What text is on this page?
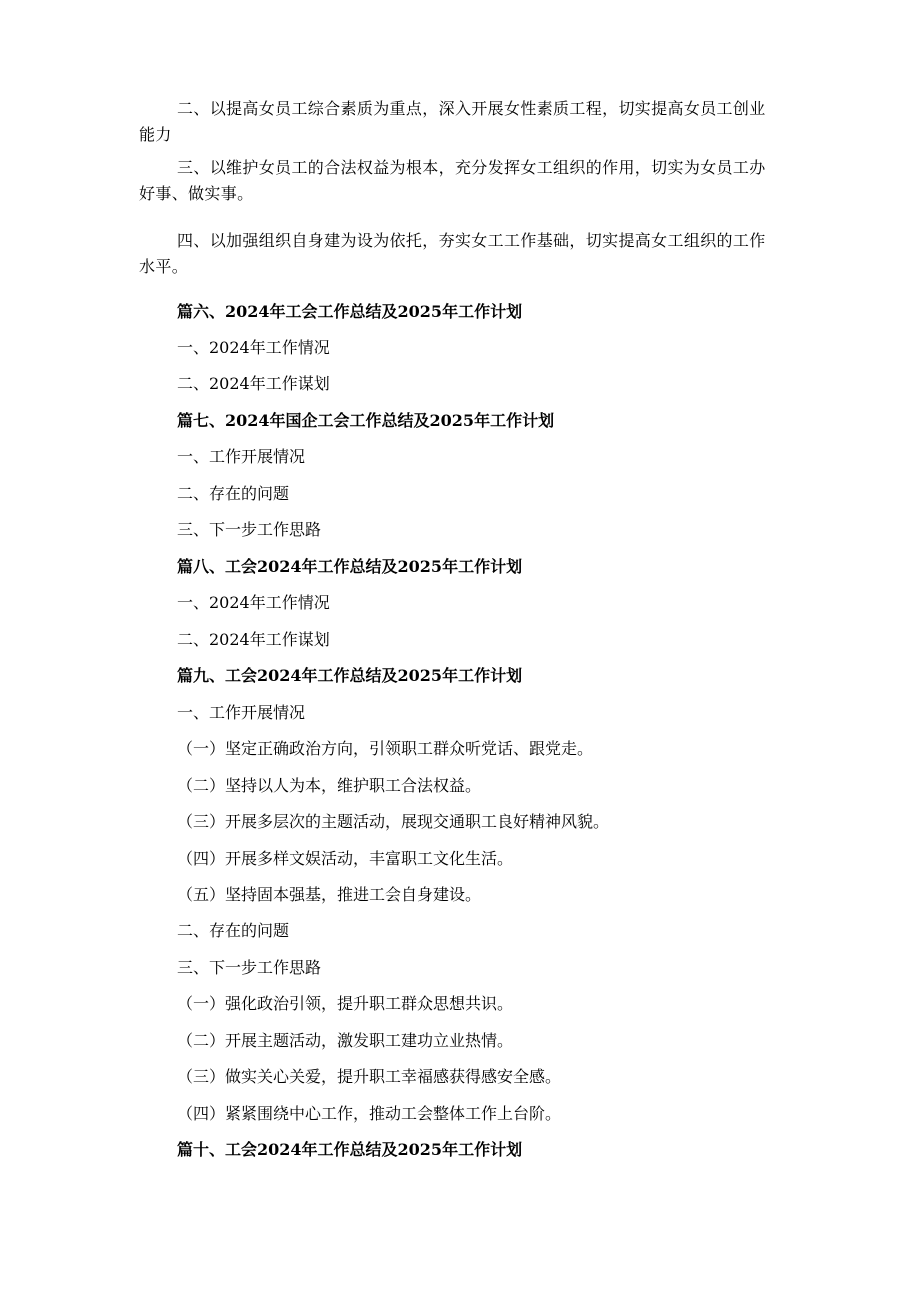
二、以提高女员工综合素质为重点，深入开展女性素质工程，切实提高女员工创业能力

三、以维护女员工的合法权益为根本，充分发挥女工组织的作用，切实为女员工办好事、做实事。

四、以加强组织自身建为设为依托，夯实女工工作基础，切实提高女工组织的工作水平。

篇六、2024年工会工作总结及2025年工作计划
一、2024年工作情况
二、2024年工作谋划
篇七、2024年国企工会工作总结及2025年工作计划
一、工作开展情况
二、存在的问题
三、下一步工作思路
篇八、工会2024年工作总结及2025年工作计划
一、2024年工作情况
二、2024年工作谋划
篇九、工会2024年工作总结及2025年工作计划
一、工作开展情况
（一）坚定正确政治方向，引领职工群众听党话、跟党走。
（二）坚持以人为本，维护职工合法权益。
（三）开展多层次的主题活动，展现交通职工良好精神风貌。
（四）开展多样文娱活动，丰富职工文化生活。
（五）坚持固本强基，推进工会自身建设。
二、存在的问题
三、下一步工作思路
（一）强化政治引领，提升职工群众思想共识。
（二）开展主题活动，激发职工建功立业热情。
（三）做实关心关爱，提升职工幸福感获得感安全感。
（四）紧紧围绕中心工作，推动工会整体工作上台阶。
篇十、工会2024年工作总结及2025年工作计划
